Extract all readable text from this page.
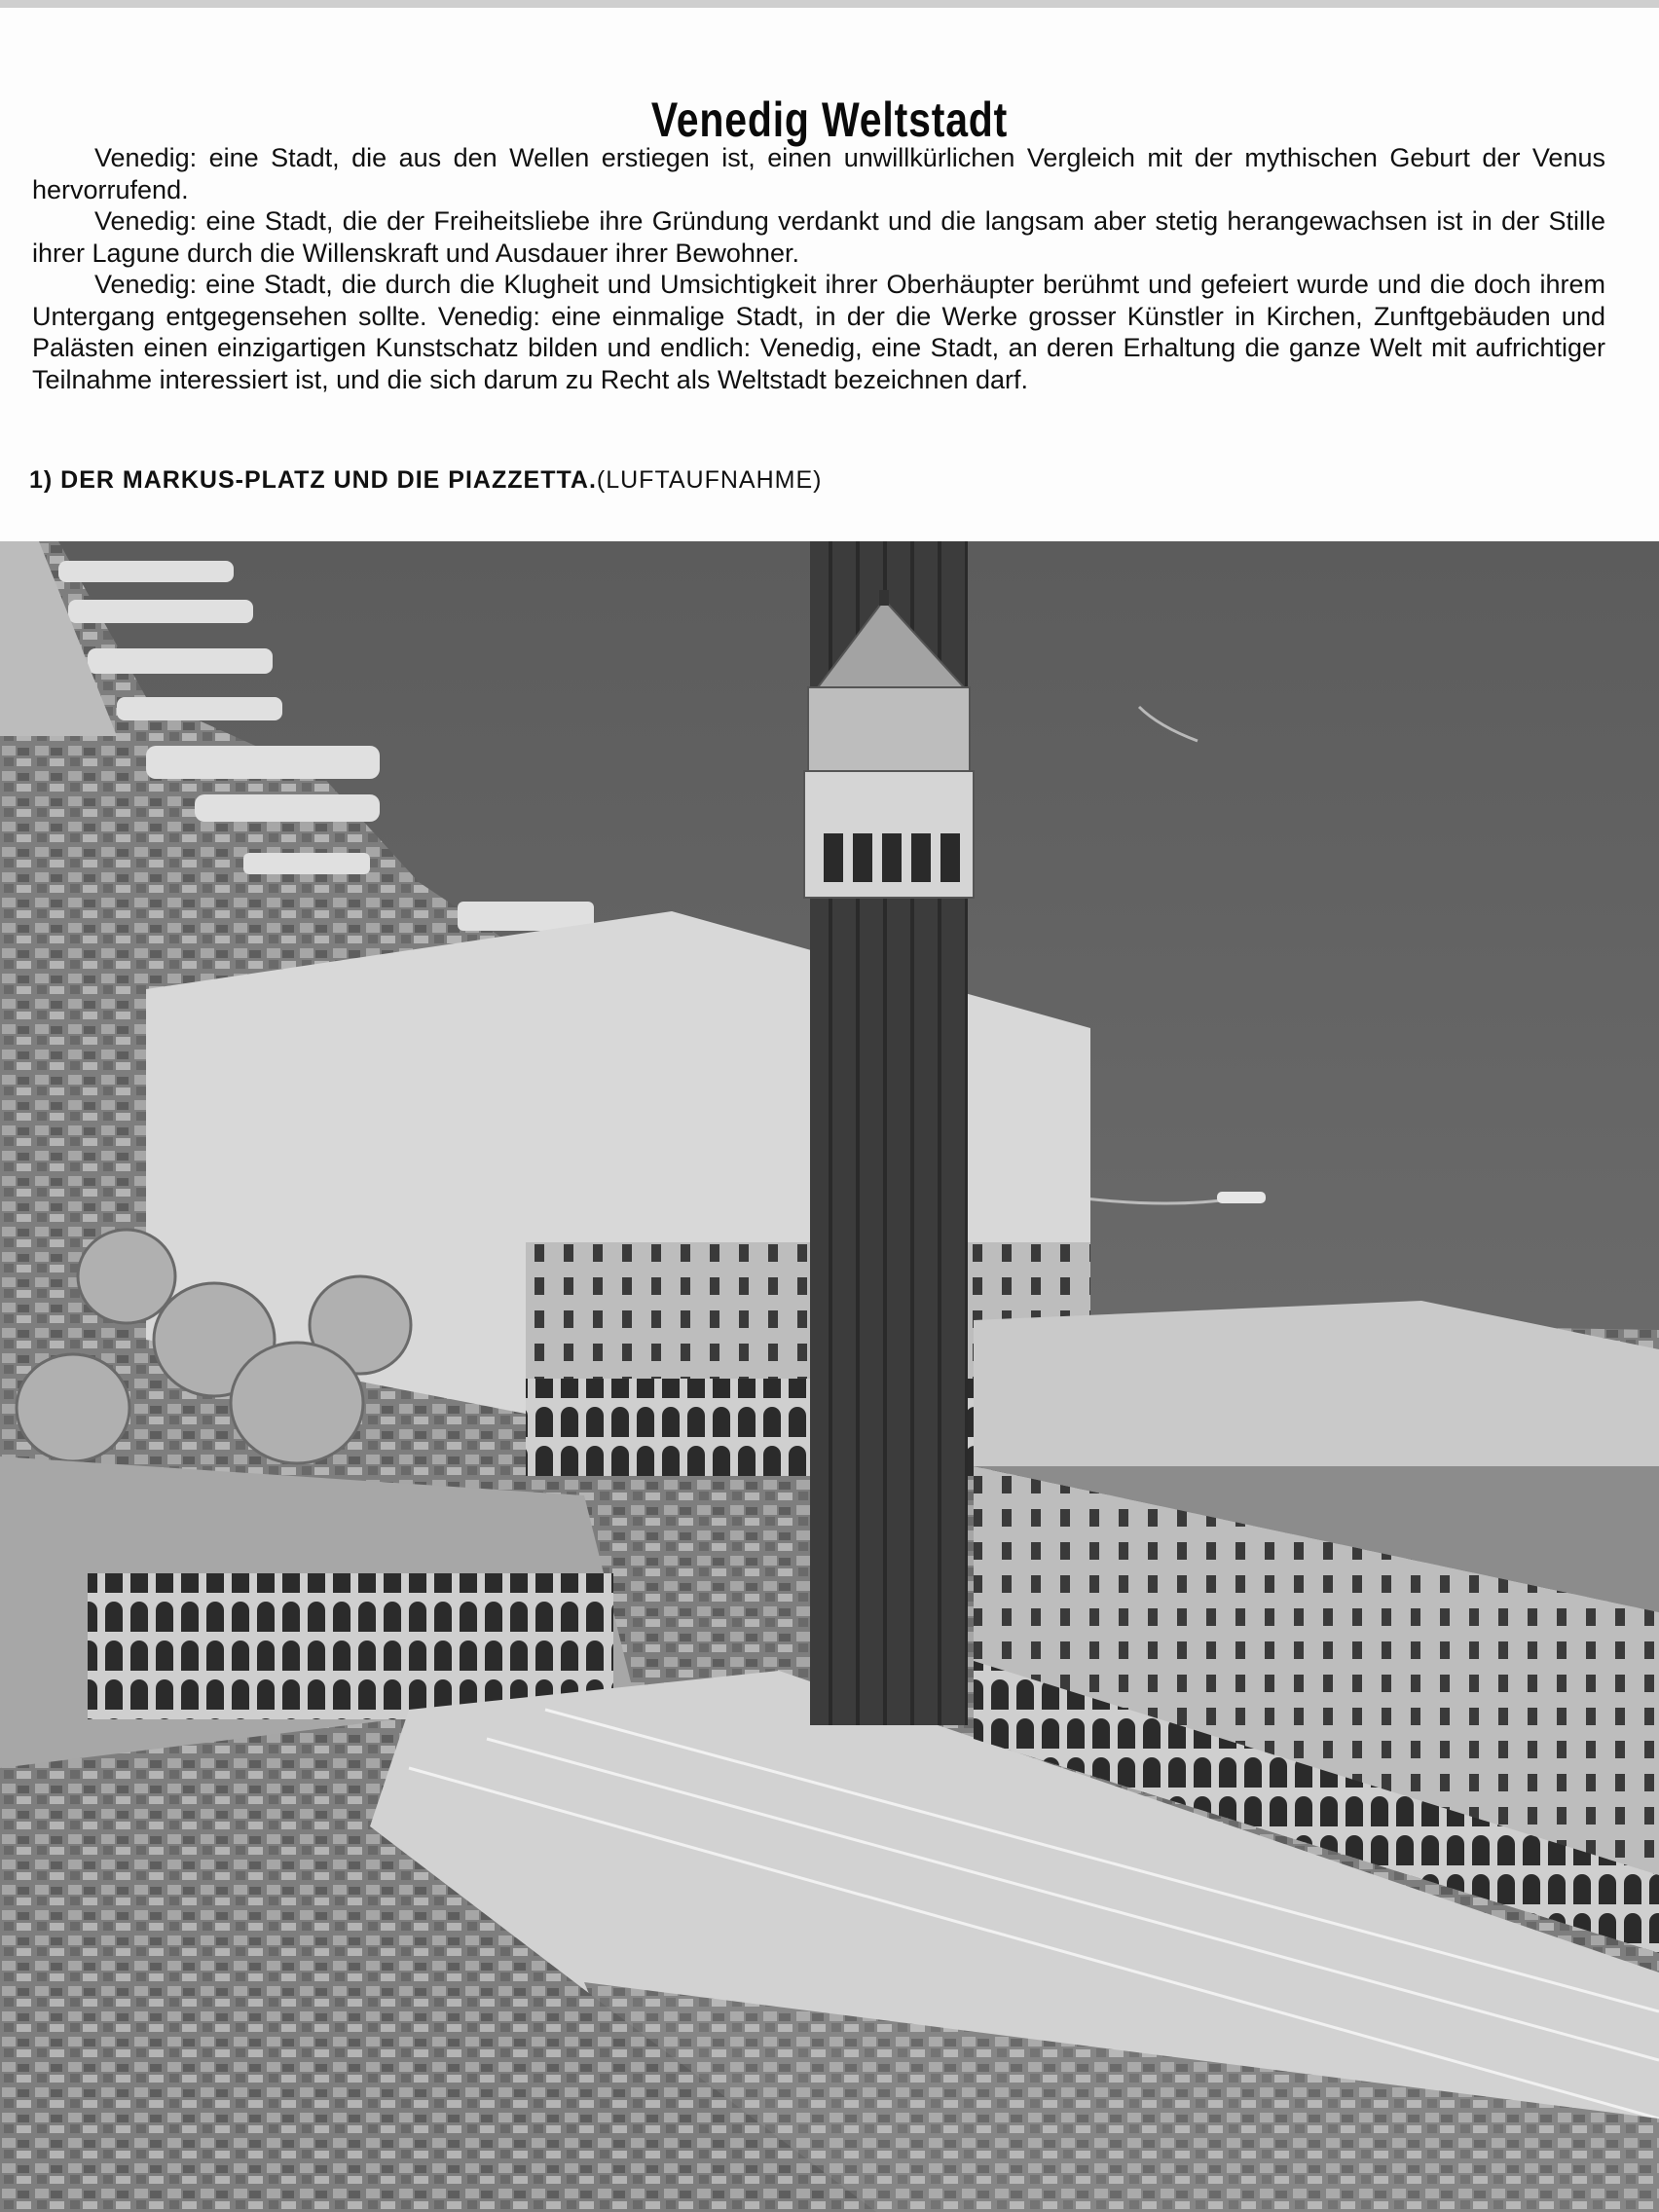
Venedig Weltstadt

Venedig: eine Stadt, die aus den Wellen erstiegen ist, einen unwillkürlichen Vergleich mit der mythischen Geburt der Venus hervorrufend.

Venedig: eine Stadt, die der Freiheitsliebe ihre Gründung verdankt und die langsam aber stetig herangewachsen ist in der Stille ihrer Lagune durch die Willenskraft und Ausdauer ihrer Bewohner.

Venedig: eine Stadt, die durch die Klugheit und Umsichtigkeit ihrer Oberhäupter berühmt und gefeiert wurde und die doch ihrem Untergang entgegensehen sollte. Venedig: eine einmalige Stadt, in der die Werke grosser Künstler in Kirchen, Zunftgebäuden und Palästen einen einzigartigen Kunstschatz bilden und endlich: Venedig, eine Stadt, an deren Erhaltung die ganze Welt mit aufrichtiger Teilnahme interessiert ist, und die sich darum zu Recht als Weltstadt bezeichnen darf.

1) DER MARKUS-PLATZ UND DIE PIAZZETTA.(LUFTAUFNAHME)
